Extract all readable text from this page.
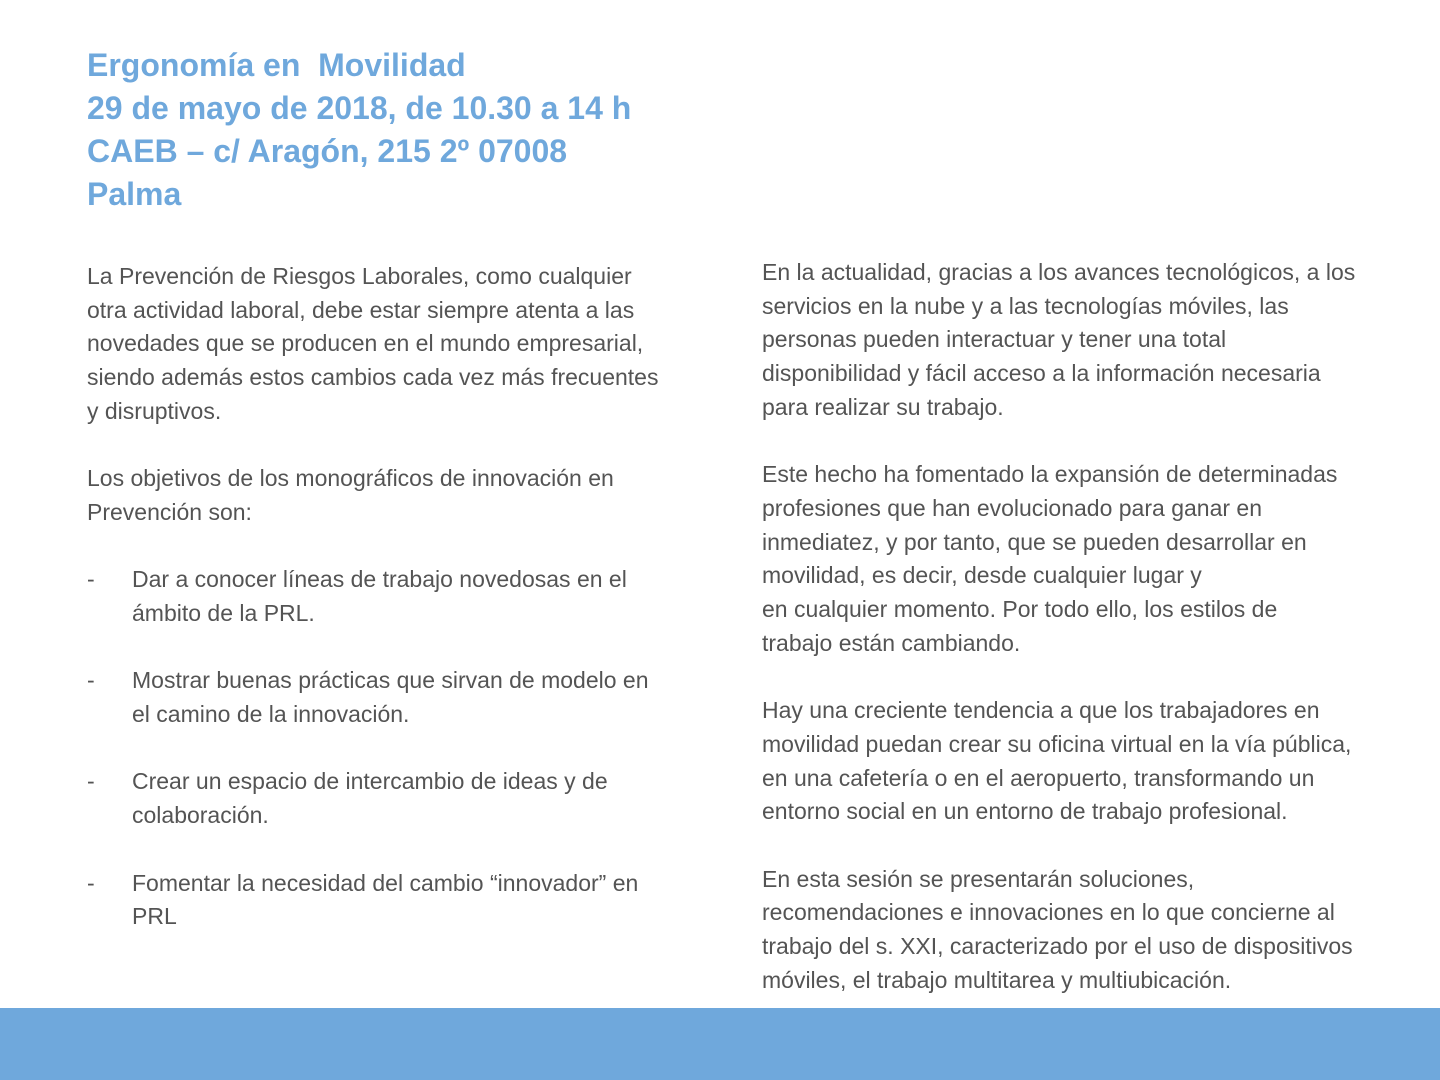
Ergonomía en  Movilidad
29 de mayo de 2018, de 10.30 a 14 h
CAEB – c/ Aragón, 215 2º 07008
Palma

La Prevención de Riesgos Laborales, como cualquier
otra actividad laboral, debe estar siempre atenta a las
novedades que se producen en el mundo empresarial,
siendo además estos cambios cada vez más frecuentes
y disruptivos.

Los objetivos de los monográficos de innovación en
Prevención son:

- Dar a conocer líneas de trabajo novedosas en el
ámbito de la PRL.
- Mostrar buenas prácticas que sirvan de modelo en
el camino de la innovación.
- Crear un espacio de intercambio de ideas y de
colaboración.
- Fomentar la necesidad del cambio “innovador” en
PRL

En la actualidad, gracias a los avances tecnológicos, a los
servicios en la nube y a las tecnologías móviles, las
personas pueden interactuar y tener una total
disponibilidad y fácil acceso a la información necesaria
para realizar su trabajo.

Este hecho ha fomentado la expansión de determinadas
profesiones que han evolucionado para ganar en
inmediatez, y por tanto, que se pueden desarrollar en
movilidad, es decir, desde cualquier lugar y
en cualquier momento. Por todo ello, los estilos de
trabajo están cambiando.

Hay una creciente tendencia a que los trabajadores en
movilidad puedan crear su oficina virtual en la vía pública,
en una cafetería o en el aeropuerto, transformando un
entorno social en un entorno de trabajo profesional.

En esta sesión se presentarán soluciones,
recomendaciones e innovaciones en lo que concierne al
trabajo del s. XXI, caracterizado por el uso de dispositivos
móviles, el trabajo multitarea y multiubicación.
